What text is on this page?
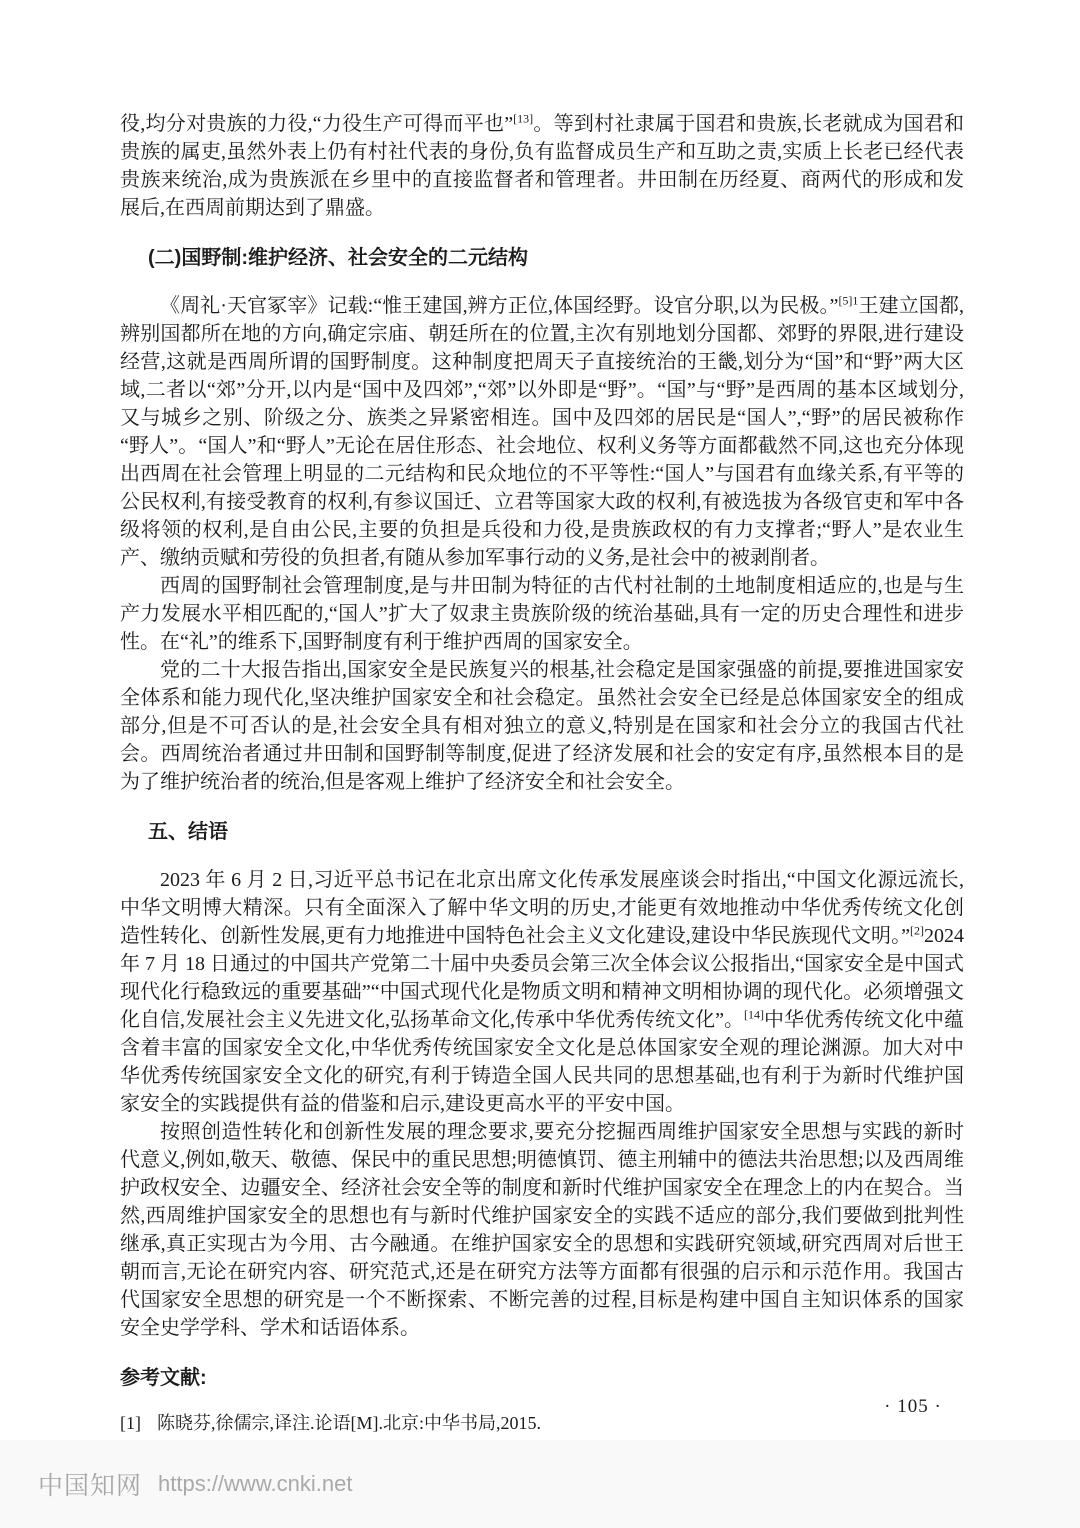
役,均分对贵族的力役,“力役生产可得而平也”[13]。等到村社隶属于国君和贵族,长老就成为国君和贵族的属吏,虽然外表上仍有村社代表的身份,负有监督成员生产和互助之责,实质上长老已经代表贵族来统治,成为贵族派在乡里中的直接监督者和管理者。井田制在历经夏、商两代的形成和发展后,在西周前期达到了鼎盛。

(二)国野制:维护经济、社会安全的二元结构

《周礼·天官冢宰》记载:“惟王建国,辨方正位,体国经野。设官分职,以为民极。”$^{[5]1}$王建立国都,辨别国都所在地的方向,确定宗庙、朝廷所在的位置,主次有别地划分国都、郊野的界限,进行建设经营,这就是西周所谓的国野制度。这种制度把周天子直接统治的王畿,划分为“国”和“野”两大区域,二者以“郊”分开,以内是“国中及四郊”,“郊”以外即是“野”。“国”与“野”是西周的基本区域划分,又与城乡之别、阶级之分、族类之异紧密相连。国中及四郊的居民是“国人”,“野”的居民被称作“野人”。“国人”和“野人”无论在居住形态、社会地位、权利义务等方面都截然不同,这也充分体现出西周在社会管理上明显的二元结构和民众地位的不平等性:“国人”与国君有血缘关系,有平等的公民权利,有接受教育的权利,有参议国迁、立君等国家大政的权利,有被选拔为各级官吏和军中各级将领的权利,是自由公民,主要的负担是兵役和力役,是贵族政权的有力支撑者;“野人”是农业生产、缴纳贡赋和劳役的负担者,有随从参加军事行动的义务,是社会中的被剥削者。

西周的国野制社会管理制度,是与井田制为特征的古代村社制的土地制度相适应的,也是与生产力发展水平相匹配的,“国人”扩大了奴隶主贵族阶级的统治基础,具有一定的历史合理性和进步性。在“礼”的维系下,国野制度有利于维护西周的国家安全。

党的二十大报告指出,国家安全是民族复兴的根基,社会稳定是国家强盛的前提,要推进国家安全体系和能力现代化,坚决维护国家安全和社会稳定。虽然社会安全已经是总体国家安全的组成部分,但是不可否认的是,社会安全具有相对独立的意义,特别是在国家和社会分立的我国古代社会。西周统治者通过井田制和国野制等制度,促进了经济发展和社会的安定有序,虽然根本目的是为了维护统治者的统治,但是客观上维护了经济安全和社会安全。

五、结语

2023 年 6 月 2 日,习近平总书记在北京出席文化传承发展座谈会时指出,“中国文化源远流长,中华文明博大精深。只有全面深入了解中华文明的历史,才能更有效地推动中华优秀传统文化创造性转化、创新性发展,更有力地推进中国特色社会主义文化建设,建设中华民族现代文明。”[2]2024 年 7 月 18 日通过的中国共产党第二十届中央委员会第三次全体会议公报指出,“国家安全是中国式现代化行稳致远的重要基础”“中国式现代化是物质文明和精神文明相协调的现代化。必须增强文化自信,发展社会主义先进文化,弘扬革命文化,传承中华优秀传统文化”。[14]中华优秀传统文化中蕴含着丰富的国家安全文化,中华优秀传统国家安全文化是总体国家安全观的理论渊源。加大对中华优秀传统国家安全文化的研究,有利于铸造全国人民共同的思想基础,也有利于为新时代维护国家安全的实践提供有益的借鉴和启示,建设更高水平的平安中国。

按照创造性转化和创新性发展的理念要求,要充分挖掘西周维护国家安全思想与实践的新时代意义,例如,敬天、敬德、保民中的重民思想;明德慎罚、德主刑辅中的德法共治思想;以及西周维护政权安全、边疆安全、经济社会安全等的制度和新时代维护国家安全在理念上的内在契合。当然,西周维护国家安全的思想也有与新时代维护国家安全的实践不适应的部分,我们要做到批判性继承,真正实现古为今用、古今融通。在维护国家安全的思想和实践研究领域,研究西周对后世王朝而言,无论在研究内容、研究范式,还是在研究方法等方面都有很强的启示和示范作用。我国古代国家安全思想的研究是一个不断探索、不断完善的过程,目标是构建中国自主知识体系的国家安全史学学科、学术和话语体系。

参考文献:
[1] 陈晓芬,徐儒宗,译注.论语[M].北京:中华书局,2015.
· 105 ·
中国知网 https://www.cnki.net
